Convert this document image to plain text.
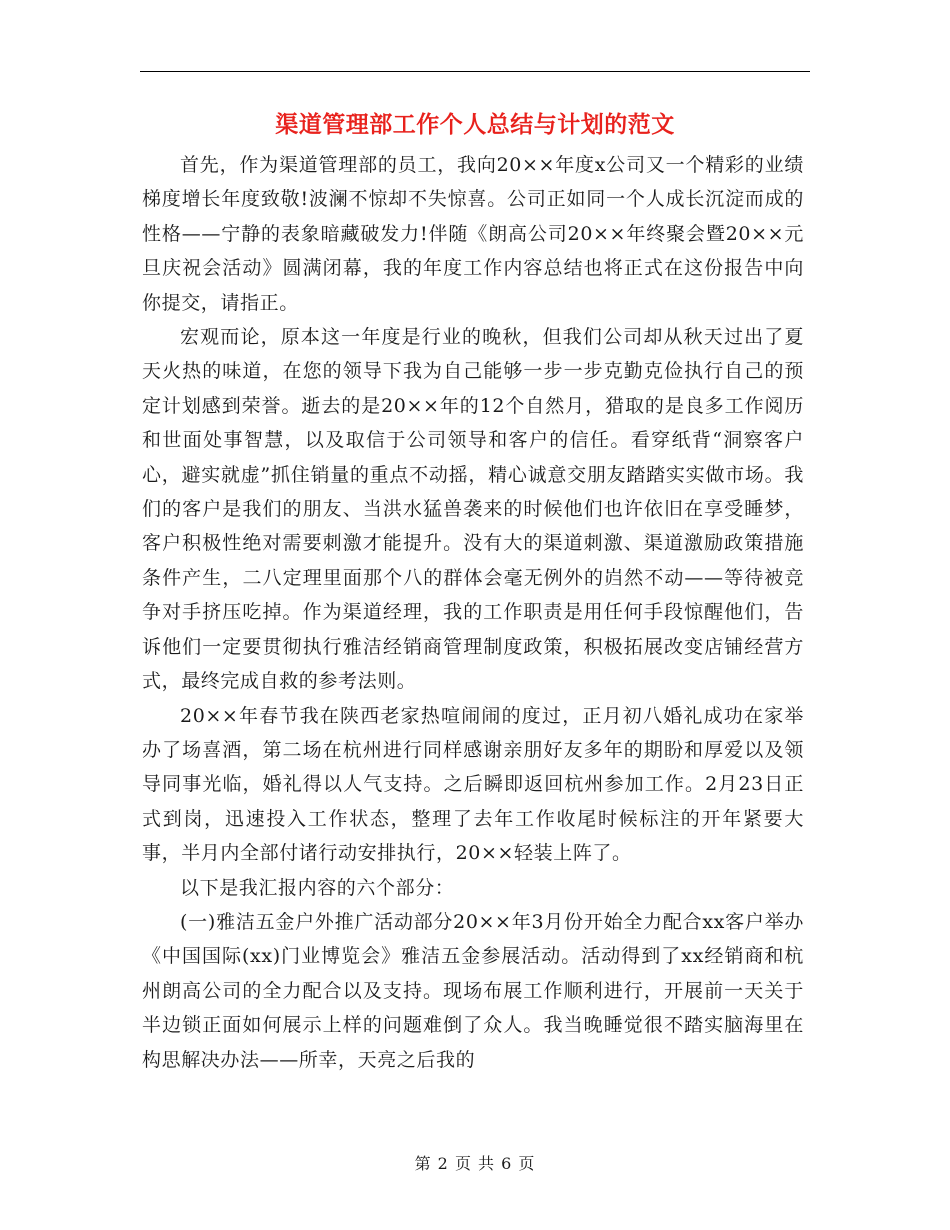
渠道管理部工作个人总结与计划的范文

首先，作为渠道管理部的员工，我向20××年度x公司又一个精彩的业绩梯度增长年度致敬!波澜不惊却不失惊喜。公司正如同一个人成长沉淀而成的性格——宁静的表象暗藏破发力!伴随《朗高公司20××年终聚会暨20××元旦庆祝会活动》圆满闭幕，我的年度工作内容总结也将正式在这份报告中向你提交，请指正。

宏观而论，原本这一年度是行业的晚秋，但我们公司却从秋天过出了夏天火热的味道，在您的领导下我为自己能够一步一步克勤克俭执行自己的预定计划感到荣誉。逝去的是20××年的12个自然月，猎取的是良多工作阅历和世面处事智慧，以及取信于公司领导和客户的信任。看穿纸背“洞察客户心，避实就虚”抓住销量的重点不动摇，精心诚意交朋友踏踏实实做市场。我们的客户是我们的朋友、当洪水猛兽袭来的时候他们也许依旧在享受睡梦，客户积极性绝对需要刺激才能提升。没有大的渠道刺激、渠道激励政策措施条件产生，二八定理里面那个八的群体会毫无例外的岿然不动——等待被竞争对手挤压吃掉。作为渠道经理，我的工作职责是用任何手段惊醒他们，告诉他们一定要贯彻执行雅洁经销商管理制度政策，积极拓展改变店铺经营方式，最终完成自救的参考法则。

20××年春节我在陕西老家热喧闹闹的度过，正月初八婚礼成功在家举办了场喜酒，第二场在杭州进行同样感谢亲朋好友多年的期盼和厚爱以及领导同事光临，婚礼得以人气支持。之后瞬即返回杭州参加工作。2月23日正式到岗，迅速投入工作状态，整理了去年工作收尾时候标注的开年紧要大事，半月内全部付诸行动安排执行，20××轻装上阵了。

以下是我汇报内容的六个部分：

(一)雅洁五金户外推广活动部分20××年3月份开始全力配合xx客户举办《中国国际(xx)门业博览会》雅洁五金参展活动。活动得到了xx经销商和杭州朗高公司的全力配合以及支持。现场布展工作顺利进行，开展前一天关于半边锁正面如何展示上样的问题难倒了众人。我当晚睡觉很不踏实脑海里在构思解决办法——所幸，天亮之后我的

第 2 页 共 6 页
